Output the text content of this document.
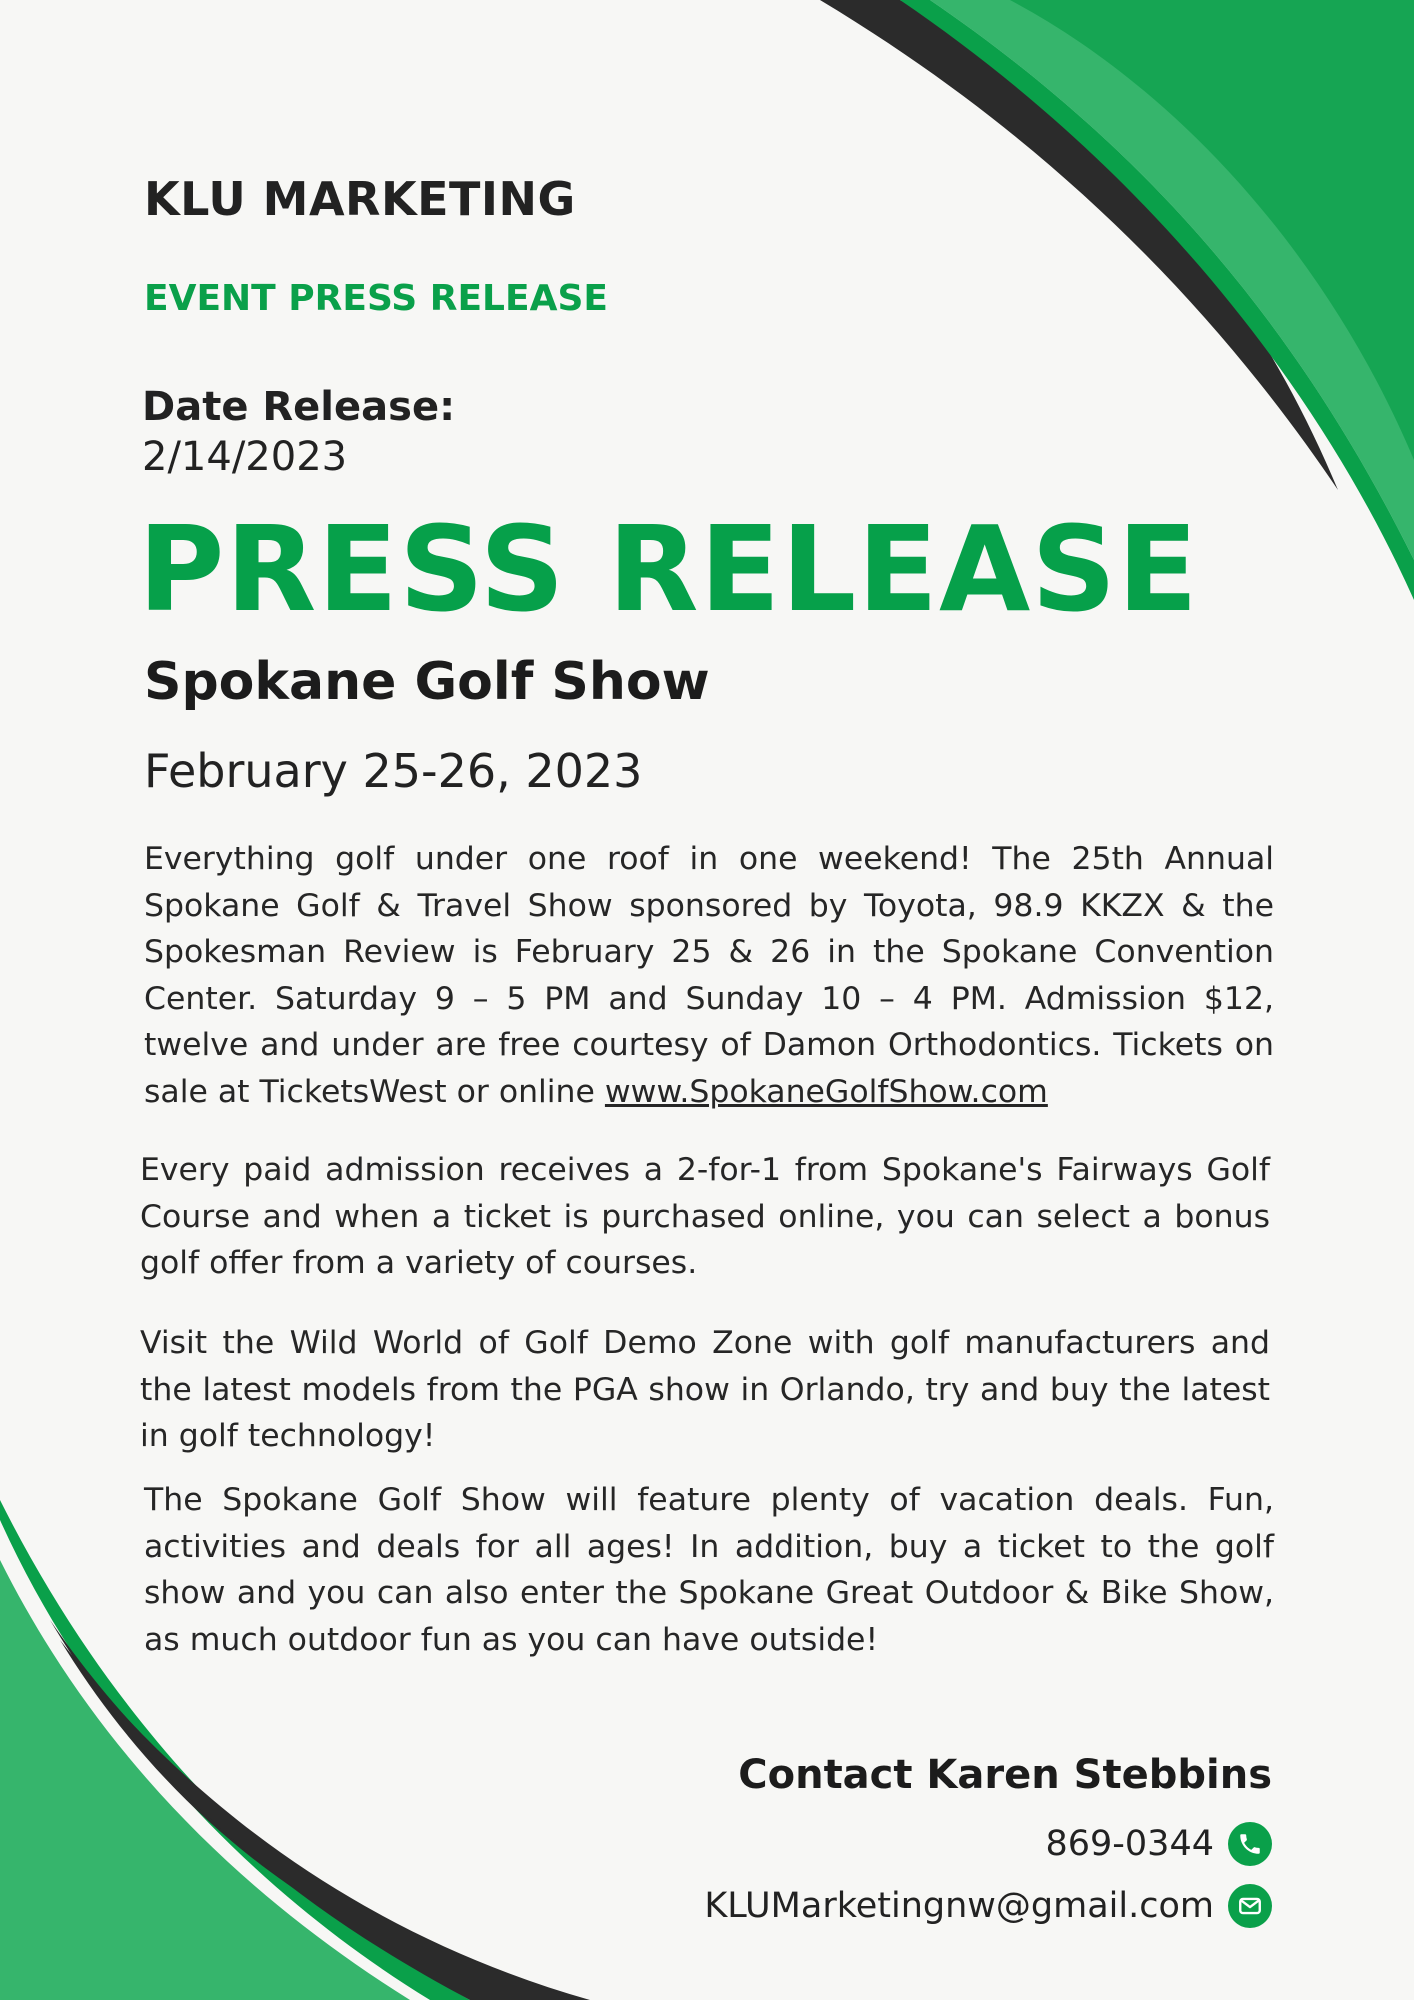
KLU MARKETING
EVENT PRESS RELEASE
Date Release:
2/14/2023
PRESS RELEASE
Spokane Golf Show
February 25-26, 2023
Everything golf under one roof in one weekend! The 25th Annual Spokane Golf & Travel Show sponsored by Toyota, 98.9 KKZX & the Spokesman Review is February 25 & 26 in the Spokane Convention Center. Saturday 9 – 5 PM and Sunday 10 – 4 PM. Admission $12, twelve and under are free courtesy of Damon Orthodontics. Tickets on sale at TicketsWest or online www.SpokaneGolfShow.com
Every paid admission receives a 2-for-1 from Spokane's Fairways Golf Course and when a ticket is purchased online, you can select a bonus golf offer from a variety of courses.
Visit the Wild World of Golf Demo Zone with golf manufacturers and the latest models from the PGA show in Orlando, try and buy the latest in golf technology!
The Spokane Golf Show will feature plenty of vacation deals. Fun, activities and deals for all ages! In addition, buy a ticket to the golf show and you can also enter the Spokane Great Outdoor & Bike Show, as much outdoor fun as you can have outside!
Contact Karen Stebbins
869-0344
KLUMarketingnw@gmail.com
